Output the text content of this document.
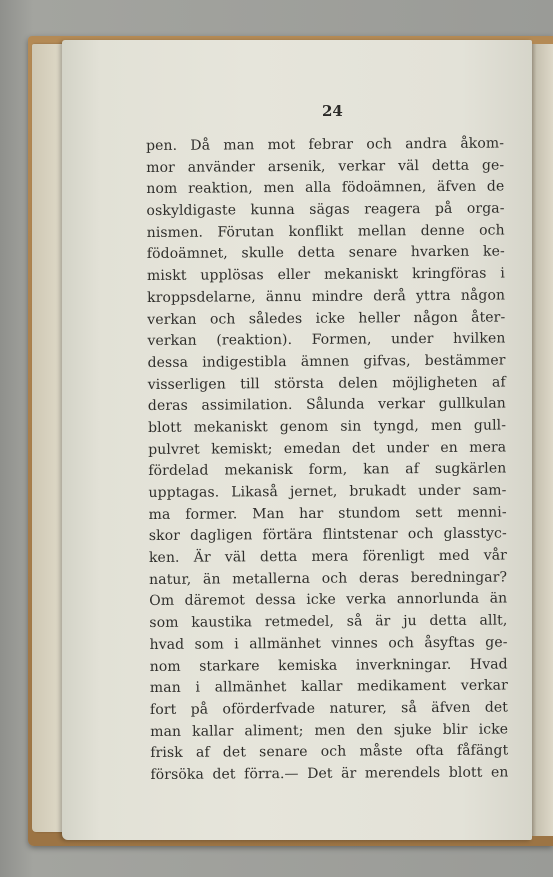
24

pen. Då man mot febrar och andra åkom-
mor använder arsenik, verkar väl detta ge-
nom reaktion, men alla födoämnen, äfven de
oskyldigaste kunna sägas reagera på orga-
nismen. Förutan konflikt mellan denne och
födoämnet, skulle detta senare hvarken ke-
miskt upplösas eller mekaniskt kringföras i
kroppsdelarne, ännu mindre derå yttra någon
verkan och således icke heller någon åter-
verkan (reaktion). Formen, under hvilken
dessa indigestibla ämnen gifvas, bestämmer
visserligen till största delen möjligheten af
deras assimilation. Sålunda verkar gullkulan
blott mekaniskt genom sin tyngd, men gull-
pulvret kemiskt; emedan det under en mera
fördelad mekanisk form, kan af sugkärlen
upptagas. Likaså jernet, brukadt under sam-
ma former. Man har stundom sett menni-
skor dagligen förtära flintstenar och glasstyc-
ken. Är väl detta mera förenligt med vår
natur, än metallerna och deras beredningar?
Om däremot dessa icke verka annorlunda än
som kaustika retmedel, så är ju detta allt,
hvad som i allmänhet vinnes och åsyftas ge-
nom starkare kemiska inverkningar. Hvad
man i allmänhet kallar medikament verkar
fort på oförderfvade naturer, så äfven det
man kallar aliment; men den sjuke blir icke
frisk af det senare och måste ofta fåfängt
försöka det förra.— Det är merendels blott en
